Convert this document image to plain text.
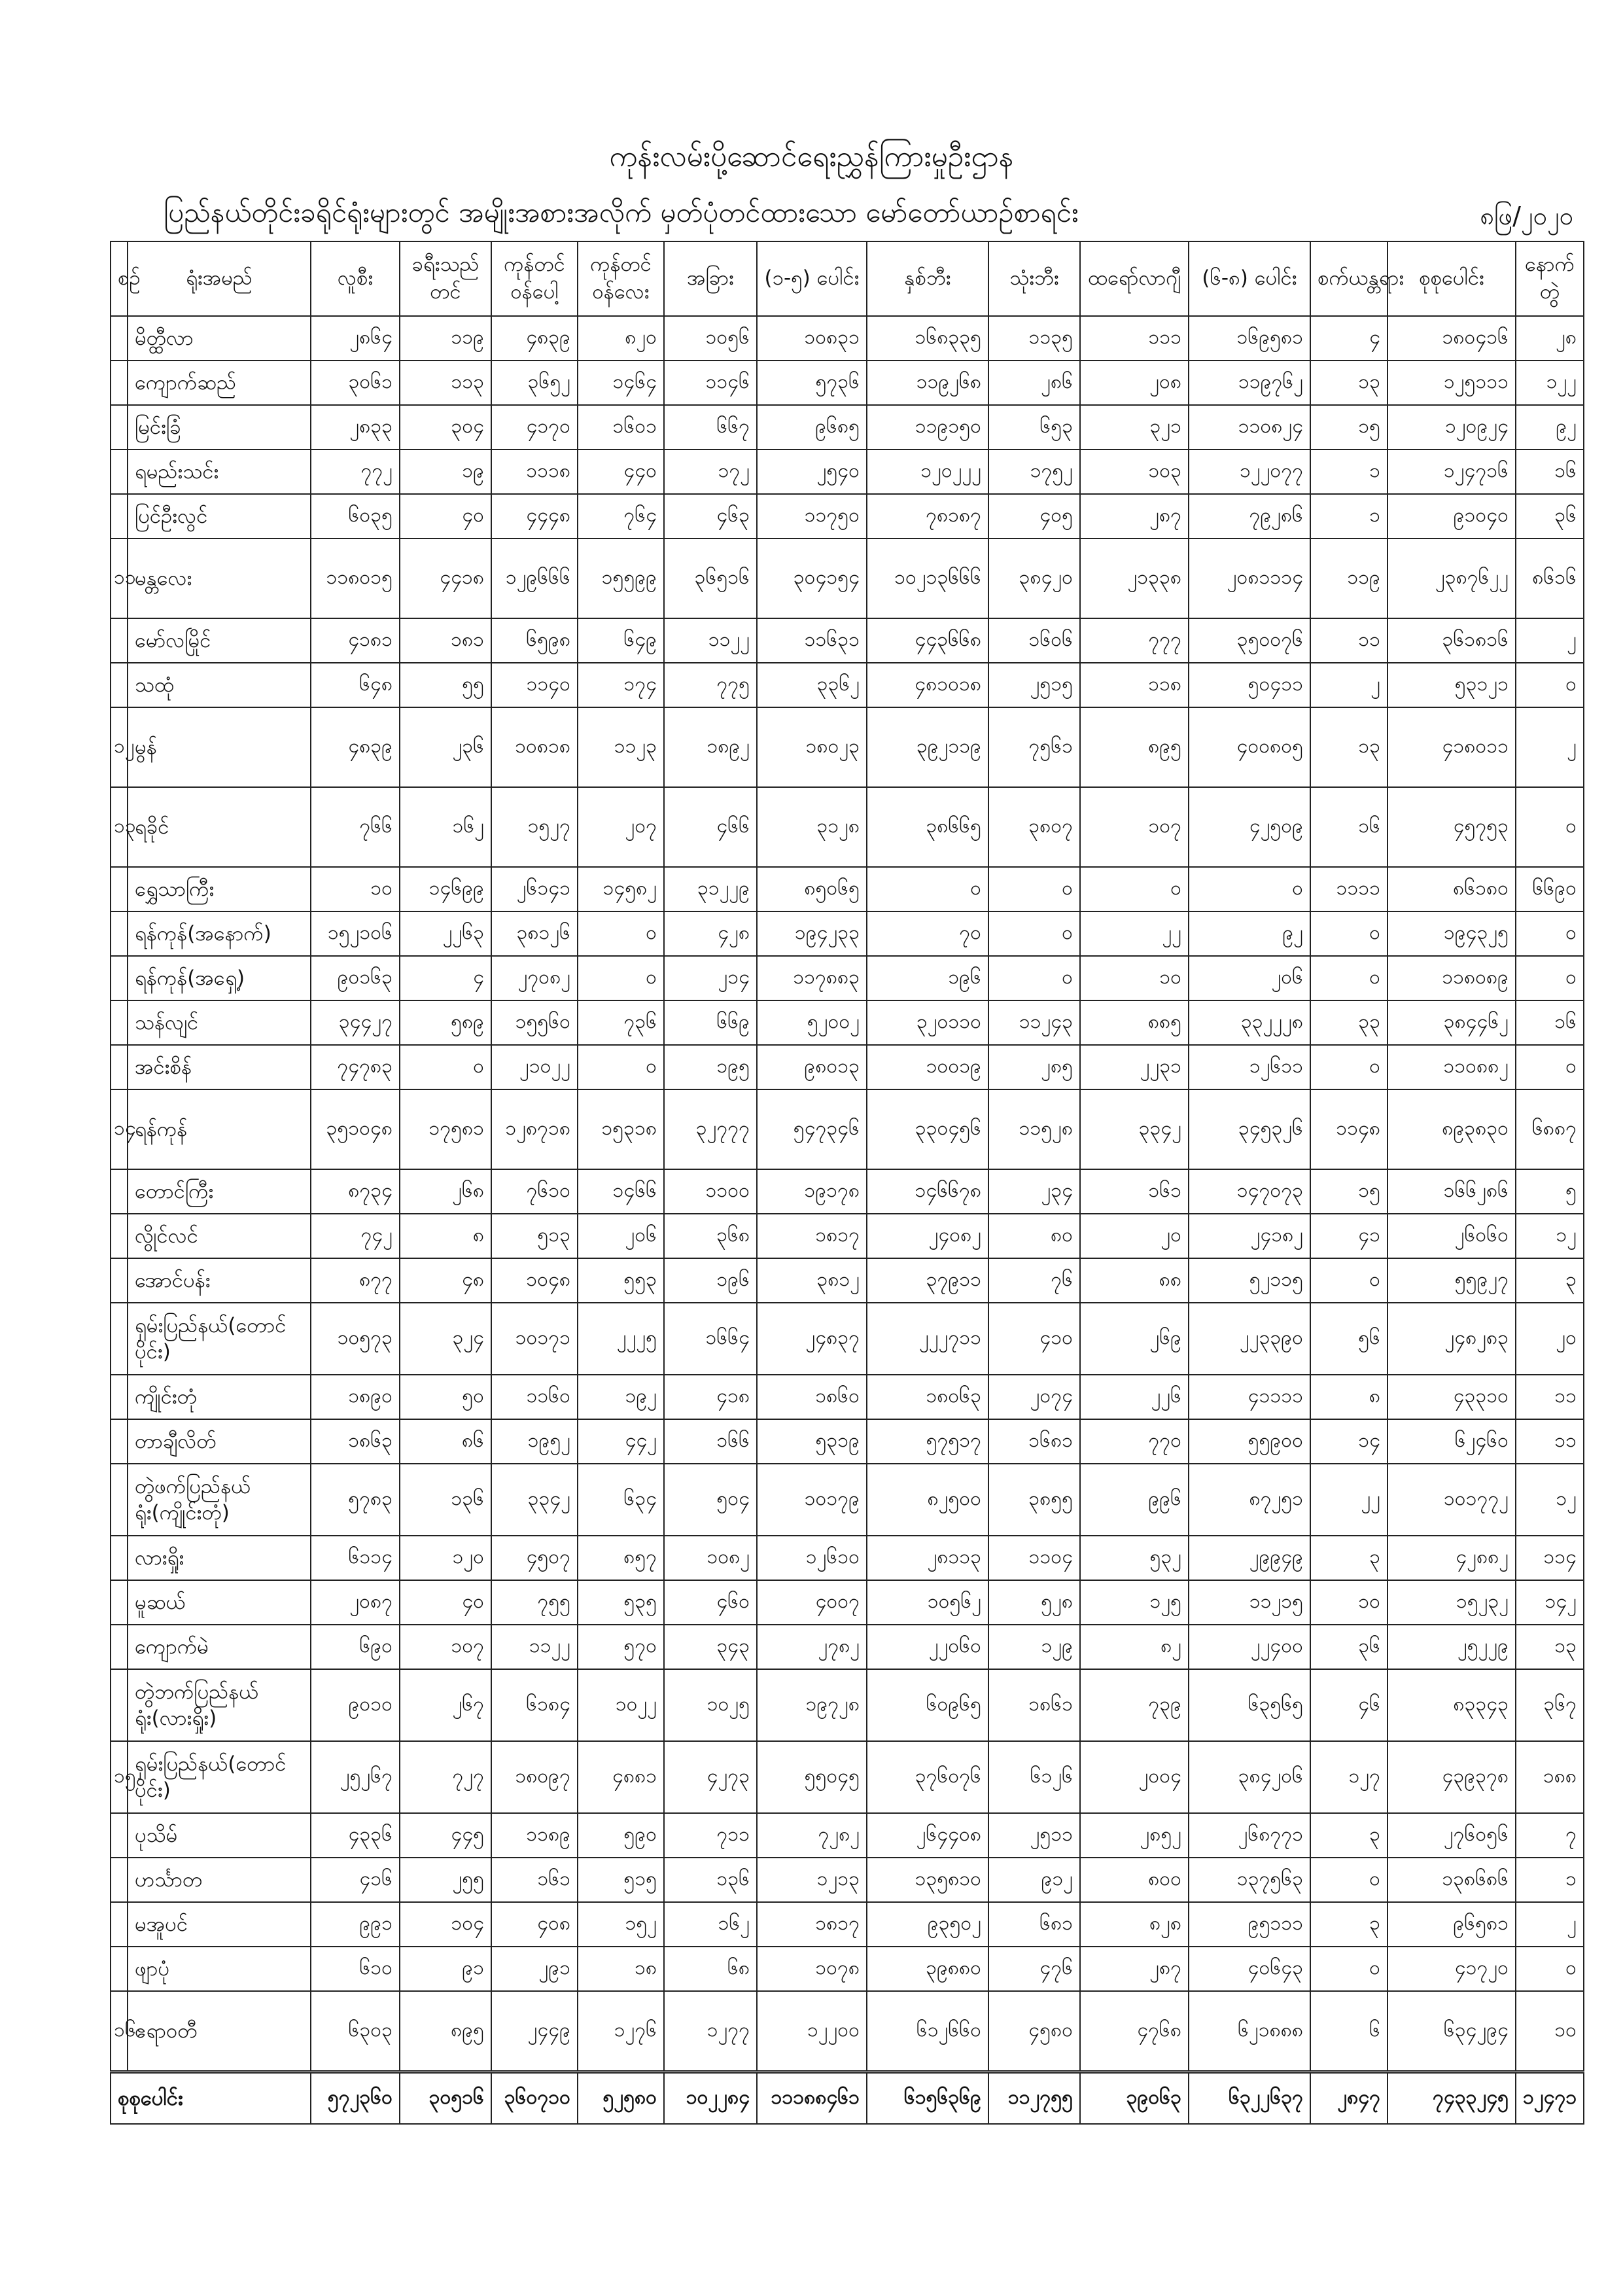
ကုန်းလမ်းပို့ဆောင်ရေးညွှန်ကြားမှုဦးဌာန
ပြည်နယ်တိုင်းခရိုင်ရုံးများတွင် အမျိုးအစားအလိုက် မှတ်ပုံတင်ထားသော မော်တော်ယာဉ်စာရင်း	၈ဖြ/၂၀၂၀
စဉ်	ရုံးအမည်	လူစီး	ခရီးသည်တင်	ကုန်တင်ဝန်ပေါ့	ကုန်တင်ဝန်လေး	အခြား	(၁-၅) ပေါင်း	နှစ်ဘီး	သုံးဘီး	ထရော်လာဂျီ	(၆-၈) ပေါင်း	စက်ယန္တရား	စုစုပေါင်း	နောက်တွဲ
	မိတ္ထီလာ	၂၈၆၄	၁၁၉	၄၈၃၉	၈၂၀	၁၀၅၆	၁၀၈၃၁	၁၆၈၃၃၅	၁၁၃၅	၁၁၁	၁၆၉၅၈၁	၄	၁၈၀၄၁၆	၂၈
	ကျောက်ဆည်	၃၀၆၁	၁၁၃	၃၆၅၂	၁၄၆၄	၁၁၄၆	၅၇၃၆	၁၁၉၂၆၈	၂၈၆	၂၀၈	၁၁၉၇၆၂	၁၃	၁၂၅၁၁၁	၁၂၂
	မြင်းခြံ	၂၈၃၃	၃၀၄	၄၁၇၀	၁၆၀၁	၆၆၇	၉၆၈၅	၁၁၉၁၅၀	၆၅၃	၃၂၁	၁၁၀၈၂၄	၁၅	၁၂၀၉၂၄	၉၂
	ရမည်းသင်း	၇၇၂	၁၉	၁၁၁၈	၄၄၀	၁၇၂	၂၅၄၀	၁၂၀၂၂၂	၁၇၅၂	၁၀၃	၁၂၂၀၇၇	၁	၁၂၄၇၁၆	၁၆
	ပြင်ဦးလွင်	၆၀၃၅	၄၀	၄၄၄၈	၇၆၄	၄၆၃	၁၁၇၅၀	၇၈၁၈၇	၄၀၅	၂၈၇	၇၉၂၈၆	၁	၉၁၀၄၀	၃၆
၁၁	မန္တလေး	၁၁၈၀၁၅	၄၄၁၈	၁၂၉၆၆၆	၁၅၅၉၉	၃၆၅၁၆	၃၀၄၁၅၄	၁၀၂၁၃၆၆၆	၃၈၄၂၀	၂၁၃၃၈	၂၀၈၁၁၁၄	၁၁၉	၂၃၈၇၆၂၂	၈၆၁၆
	မော်လမြိုင်	၄၁၈၁	၁၈၁	၆၅၉၈	၆၄၉	၁၁၂၂	၁၁၆၃၁	၄၄၃၆၆၈	၁၆၀၆	၇၇၇	၃၅၀၀၇၆	၁၁	၃၆၁၈၁၆	၂
	သထုံ	၆၄၈	၅၅	၁၁၄၀	၁၇၄	၇၇၅	၃၃၆၂	၄၈၁၀၁၈	၂၅၁၅	၁၁၈	၅၀၄၁၁	၂	၅၃၁၂၁	၀
၁၂	မွန်	၄၈၃၉	၂၃၆	၁၀၈၁၈	၁၁၂၃	၁၈၉၂	၁၈၀၂၃	၃၉၂၁၁၉	၇၅၆၁	၈၉၅	၄၀၀၈၀၅	၁၃	၄၁၈၀၁၁	၂
၁၃	ရခိုင်	၇၆၆	၁၆၂	၁၅၂၇	၂၀၇	၄၆၆	၃၁၂၈	၃၈၆၆၅	၃၈၀၇	၁၀၇	၄၂၅၀၉	၁၆	၄၅၇၅၃	၀
	ရွှေသာကြီး	၁၀	၁၄၆၉၉	၂၆၁၄၁	၁၄၅၈၂	၃၁၂၂၉	၈၅၀၆၅	၀	၀	၀	၀	၁၁၁၁	၈၆၁၈၀	၆၆၉၀
	ရန်ကုန်(အနောက်)	၁၅၂၁၀၆	၂၂၆၃	၃၈၁၂၆	၀	၄၂၈	၁၉၄၂၃၃	၇၀	၀	၂၂	၉၂	၀	၁၉၄၃၂၅	၀
	ရန်ကုန်(အရှေ့)	၉၀၁၆၃	၄	၂၇၀၈၂	၀	၂၁၄	၁၁၇၈၈၃	၁၉၆	၀	၁၀	၂၀၆	၀	၁၁၈၀၈၉	၀
	သန်လျင်	၃၄၄၂၇	၅၈၉	၁၅၅၆၀	၇၃၆	၆၆၉	၅၂၀၀၂	၃၂၀၁၁၀	၁၁၂၄၃	၈၈၅	၃၃၂၂၂၈	၃၃	၃၈၄၄၆၂	၁၆
	အင်းစိန်	၇၄၇၈၃	၀	၂၁၀၂၂	၀	၁၉၅	၉၈၀၁၃	၁၀၀၁၉	၂၈၅	၂၂၃၁	၁၂၆၁၁	၀	၁၁၀၈၈၂	၀
၁၄	ရန်ကုန်	၃၅၁၀၄၈	၁၇၅၈၁	၁၂၈၇၁၈	၁၅၃၁၈	၃၂၇၇၇	၅၄၇၃၄၆	၃၃၀၄၅၆	၁၁၅၂၈	၃၃၄၂	၃၄၅၃၂၆	၁၁၄၈	၈၉၃၈၃၀	၆၈၈၇
	တောင်ကြီး	၈၇၃၄	၂၆၈	၇၆၁၀	၁၄၆၆	၁၁၀၀	၁၉၁၇၈	၁၄၆၆၇၈	၂၃၄	၁၆၁	၁၄၇၀၇၃	၁၅	၁၆၆၂၈၆	၅
	လွိုင်လင်	၇၄၂	၈	၅၁၃	၂၀၆	၃၆၈	၁၈၁၇	၂၄၀၈၂	၈၀	၂၀	၂၄၁၈၂	၄၁	၂၆၀၆၀	၁၂
	အောင်ပန်း	၈၇၇	၄၈	၁၀၄၈	၅၅၃	၁၉၆	၃၈၁၂	၃၇၉၁၁	၇၆	၈၈	၅၂၁၁၅	၀	၅၅၉၂၇	၃
	ရှမ်းပြည်နယ်(တောင်ပိုင်း)	၁၀၅၇၃	၃၂၄	၁၀၁၇၁	၂၂၂၅	၁၆၆၄	၂၄၈၃၇	၂၂၂၇၁၁	၄၁၀	၂၆၉	၂၂၃၃၉၀	၅၆	၂၄၈၂၈၃	၂၀
	ကျိုင်းတုံ	၁၈၉၀	၅၀	၁၁၆၀	၁၉၂	၄၁၈	၁၈၆၀	၁၈၀၆၃	၂၀၇၄	၂၂၆	၄၁၁၁၁	၈	၄၃၃၁၀	၁၁
	တာချီလိတ်	၁၈၆၃	၈၆	၁၉၅၂	၄၄၂	၁၆၆	၅၃၁၉	၅၇၅၁၇	၁၆၈၁	၇၇၀	၅၅၉၀၀	၁၄	၆၂၄၆၀	၁၁
	တွဲဖက်ပြည်နယ်ရုံး(ကျိုင်းတုံ)	၅၇၈၃	၁၃၆	၃၃၄၂	၆၃၄	၅၀၄	၁၀၁၇၉	၈၂၅၀၀	၃၈၅၅	၉၉၆	၈၇၂၅၁	၂၂	၁၀၁၇၇၂	၁၂
	လားရှိုး	၆၁၁၄	၁၂၀	၄၅၀၇	၈၅၇	၁၀၈၂	၁၂၆၁၀	၂၈၁၁၃	၁၁၀၄	၅၃၂	၂၉၉၄၉	၃	၄၂၈၈၂	၁၁၄
	မူဆယ်	၂၀၈၇	၄၀	၇၅၅	၅၃၅	၄၆၀	၄၀၀၇	၁၀၅၆၂	၅၂၈	၁၂၅	၁၁၂၁၅	၁၀	၁၅၂၃၂	၁၄၂
	ကျောက်မဲ	၆၉၀	၁၀၇	၁၁၂၂	၅၇၀	၃၄၃	၂၇၈၂	၂၂၀၆၀	၁၂၉	၈၂	၂၂၄၀၀	၃၆	၂၅၂၂၉	၁၃
	တွဲဘက်ပြည်နယ်ရုံး(လားရှိုး)	၉၀၁၀	၂၆၇	၆၁၈၄	၁၀၂၂	၁၀၂၅	၁၉၇၂၈	၆၀၉၆၅	၁၈၆၁	၇၃၉	၆၃၅၆၅	၄၆	၈၃၃၄၃	၃၆၇
၁၅	ရှမ်းပြည်နယ်(တောင်ပိုင်း)	၂၅၂၆၇	၇၂၇	၁၈၀၉၇	၄၈၈၁	၄၂၇၃	၅၅၀၄၅	၃၇၆၀၇၆	၆၁၂၆	၂၀၀၄	၃၈၄၂၀၆	၁၂၇	၄၃၉၃၇၈	၁၈၈
	ပုသိမ်	၄၃၃၆	၄၄၅	၁၁၈၉	၅၉၀	၇၁၁	၇၂၈၂	၂၆၄၄၀၈	၂၅၁၁	၂၈၅၂	၂၆၈၇၇၁	၃	၂၇၆၀၅၆	၇
	ဟင်္သာတ	၄၁၆	၂၅၅	၁၆၁	၅၁၅	၁၃၆	၁၂၁၃	၁၃၅၈၁၀	၉၁၂	၈၀၀	၁၃၇၅၆၃	၀	၁၃၈၆၈၆	၁
	မအူပင်	၉၉၁	၁၀၄	၄၀၈	၁၅၂	၁၆၂	၁၈၁၇	၉၃၅၀၂	၆၈၁	၈၂၈	၉၅၁၁၁	၃	၉၆၅၈၁	၂
	ဖျာပုံ	၆၁၀	၉၁	၂၉၁	၁၈	၆၈	၁၀၇၈	၃၉၈၈၀	၄၇၆	၂၈၇	၄၀၆၄၃	၀	၄၁၇၂၀	၀
၁၆	ဧရာဝတီ	၆၃၀၃	၈၉၅	၂၄၄၉	၁၂၇၆	၁၂၇၇	၁၂၂၀၀	၆၁၂၆၆၀	၄၅၈၀	၄၇၆၈	၆၂၁၈၈၈	၆	၆၃၄၂၉၄	၁၀
စုစုပေါင်း		၅၇၂၃၆၀	၃၀၅၁၆	၃၆၀၇၁၀	၅၂၅၈၀	၁၀၂၂၈၄	၁၁၁၈၈၄၆၁	၆၁၅၆၃၆၉	၁၁၂၇၅၅	၃၉၀၆၃	၆၃၂၂၆၃၇	၂၈၄၇	၇၄၃၃၂၄၅	၁၂၄၇၁
